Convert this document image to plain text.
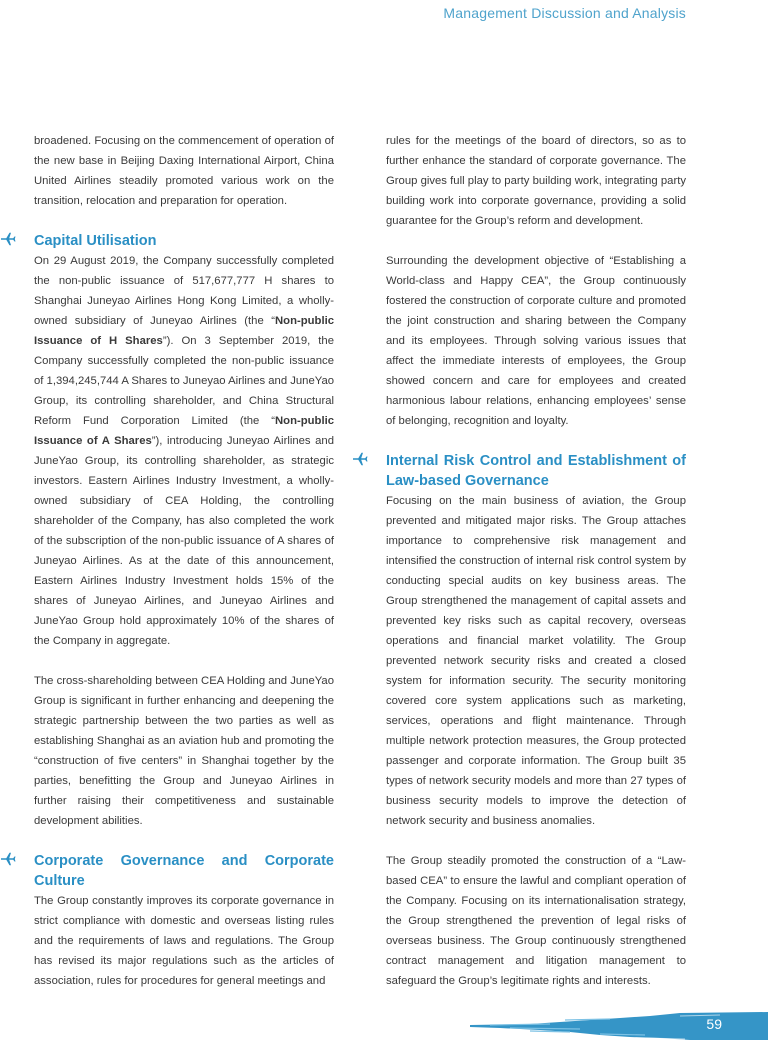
Management Discussion and Analysis

broadened. Focusing on the commencement of operation of the new base in Beijing Daxing International Airport, China United Airlines steadily promoted various work on the transition, relocation and preparation for operation.

Capital Utilisation

On 29 August 2019, the Company successfully completed the non-public issuance of 517,677,777 H shares to Shanghai Juneyao Airlines Hong Kong Limited, a wholly-owned subsidiary of Juneyao Airlines (the “Non-public Issuance of H Shares”). On 3 September 2019, the Company successfully completed the non-public issuance of 1,394,245,744 A Shares to Juneyao Airlines and JuneYao Group, its controlling shareholder, and China Structural Reform Fund Corporation Limited (the “Non-public Issuance of A Shares”), introducing Juneyao Airlines and JuneYao Group, its controlling shareholder, as strategic investors. Eastern Airlines Industry Investment, a wholly-owned subsidiary of CEA Holding, the controlling shareholder of the Company, has also completed the work of the subscription of the non-public issuance of A shares of Juneyao Airlines. As at the date of this announcement, Eastern Airlines Industry Investment holds 15% of the shares of Juneyao Airlines, and Juneyao Airlines and JuneYao Group hold approximately 10% of the shares of the Company in aggregate.

The cross-shareholding between CEA Holding and JuneYao Group is significant in further enhancing and deepening the strategic partnership between the two parties as well as establishing Shanghai as an aviation hub and promoting the “construction of five centers” in Shanghai together by the parties, benefitting the Group and Juneyao Airlines in further raising their competitiveness and sustainable development abilities.

Corporate Governance and Corporate Culture

The Group constantly improves its corporate governance in strict compliance with domestic and overseas listing rules and the requirements of laws and regulations. The Group has revised its major regulations such as the articles of association, rules for procedures for general meetings and

rules for the meetings of the board of directors, so as to further enhance the standard of corporate governance. The Group gives full play to party building work, integrating party building work into corporate governance, providing a solid guarantee for the Group’s reform and development.

Surrounding the development objective of “Establishing a World-class and Happy CEA”, the Group continuously fostered the construction of corporate culture and promoted the joint construction and sharing between the Company and its employees. Through solving various issues that affect the immediate interests of employees, the Group showed concern and care for employees and created harmonious labour relations, enhancing employees’ sense of belonging, recognition and loyalty.

Internal Risk Control and Establishment of Law-based Governance

Focusing on the main business of aviation, the Group prevented and mitigated major risks. The Group attaches importance to comprehensive risk management and intensified the construction of internal risk control system by conducting special audits on key business areas. The Group strengthened the management of capital assets and prevented key risks such as capital recovery, overseas operations and financial market volatility. The Group prevented network security risks and created a closed system for information security. The security monitoring covered core system applications such as marketing, services, operations and flight maintenance. Through multiple network protection measures, the Group protected passenger and corporate information. The Group built 35 types of network security models and more than 27 types of business security models to improve the detection of network security and business anomalies.

The Group steadily promoted the construction of a “Law-based CEA” to ensure the lawful and compliant operation of the Company. Focusing on its internationalisation strategy, the Group strengthened the prevention of legal risks of overseas business. The Group continuously strengthened contract management and litigation management to safeguard the Group’s legitimate rights and interests.

59
